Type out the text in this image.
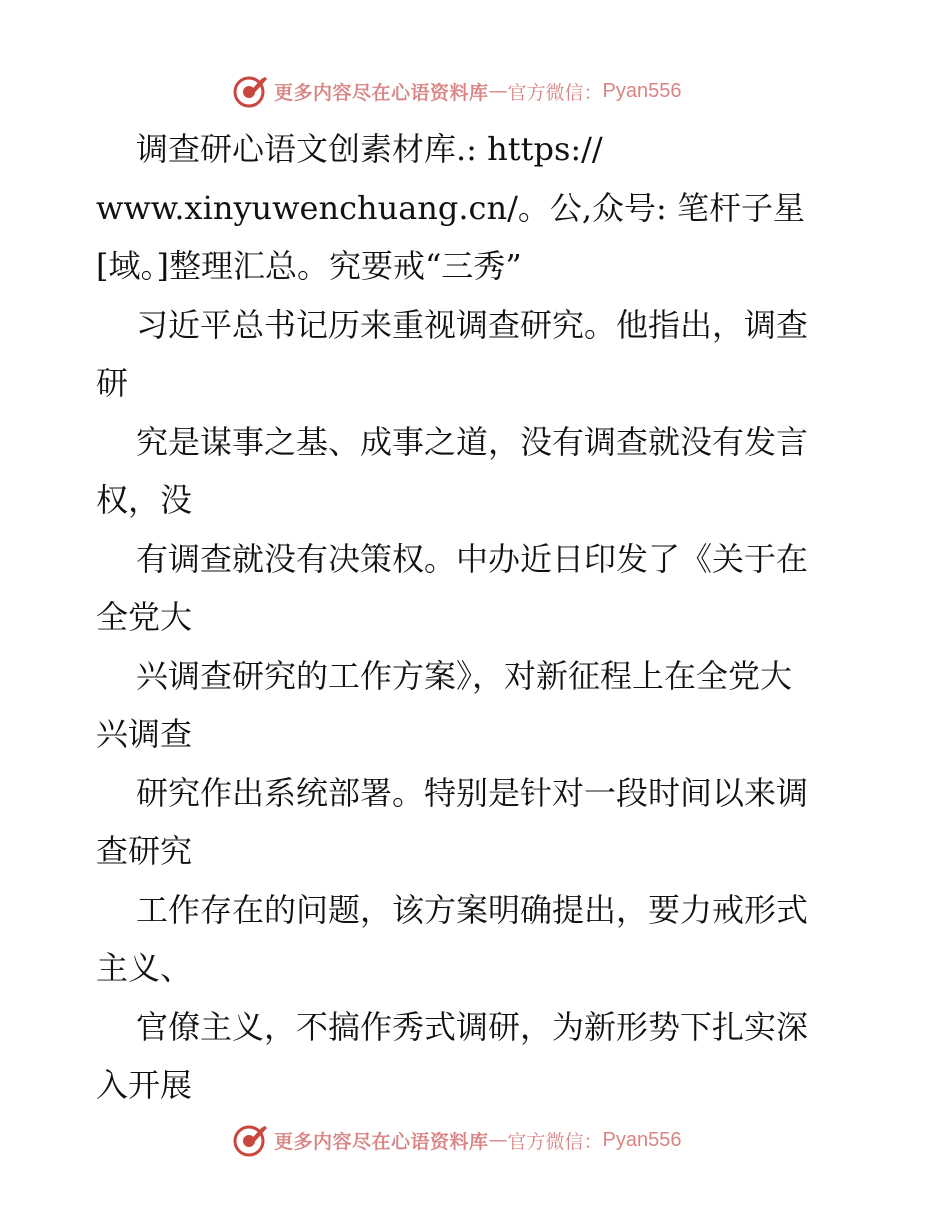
更多内容尽在心语资料库 — 官方微信： Pyan556
调查研心语文创素材库.: https://
www.xinyuwenchuang.cn/。公,众号: 笔杆子星
[域。]整理汇总。究要戒“三秀”
习近平总书记历来重视调查研究。他指出，调查
研
究是谋事之基、成事之道，没有调查就没有发言
权，没
有调查就没有决策权。中办近日印发了《关于在
全党大
兴调查研究的工作方案》，对新征程上在全党大
兴调查
研究作出系统部署。特别是针对一段时间以来调
查研究
工作存在的问题，该方案明确提出，要力戒形式
主义、
官僚主义，不搞作秀式调研，为新形势下扎实深
入开展
更多内容尽在心语资料库 — 官方微信： Pyan556
